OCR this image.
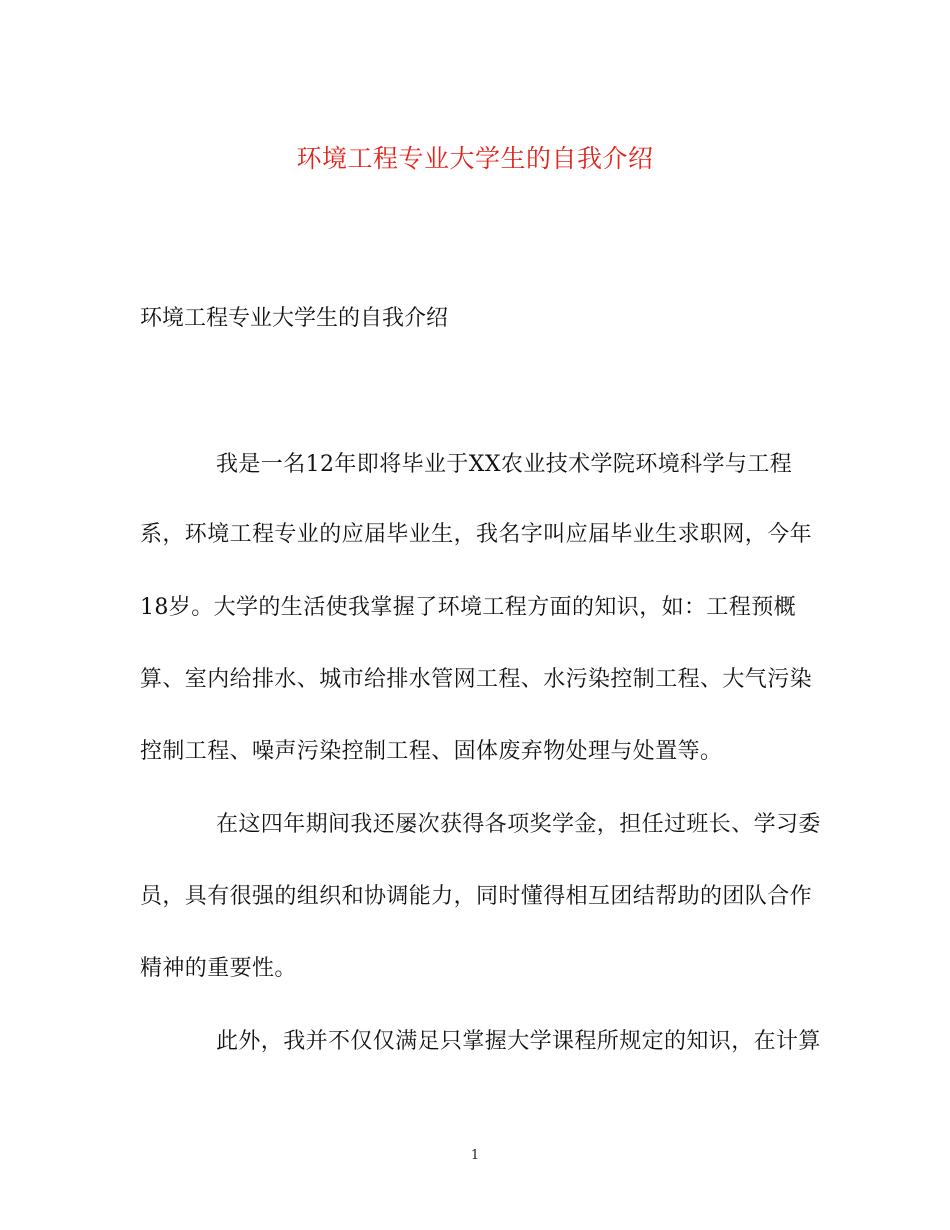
环境工程专业大学生的自我介绍
环境工程专业大学生的自我介绍
我是一名12年即将毕业于XX农业技术学院环境科学与工程
系，环境工程专业的应届毕业生，我名字叫应届毕业生求职网，今年
18岁。大学的生活使我掌握了环境工程方面的知识，如：工程预概
算、室内给排水、城市给排水管网工程、水污染控制工程、大气污染
控制工程、噪声污染控制工程、固体废弃物处理与处置等。
在这四年期间我还屡次获得各项奖学金，担任过班长、学习委
员，具有很强的组织和协调能力，同时懂得相互团结帮助的团队合作
精神的重要性。
此外，我并不仅仅满足只掌握大学课程所规定的知识，在计算
1
